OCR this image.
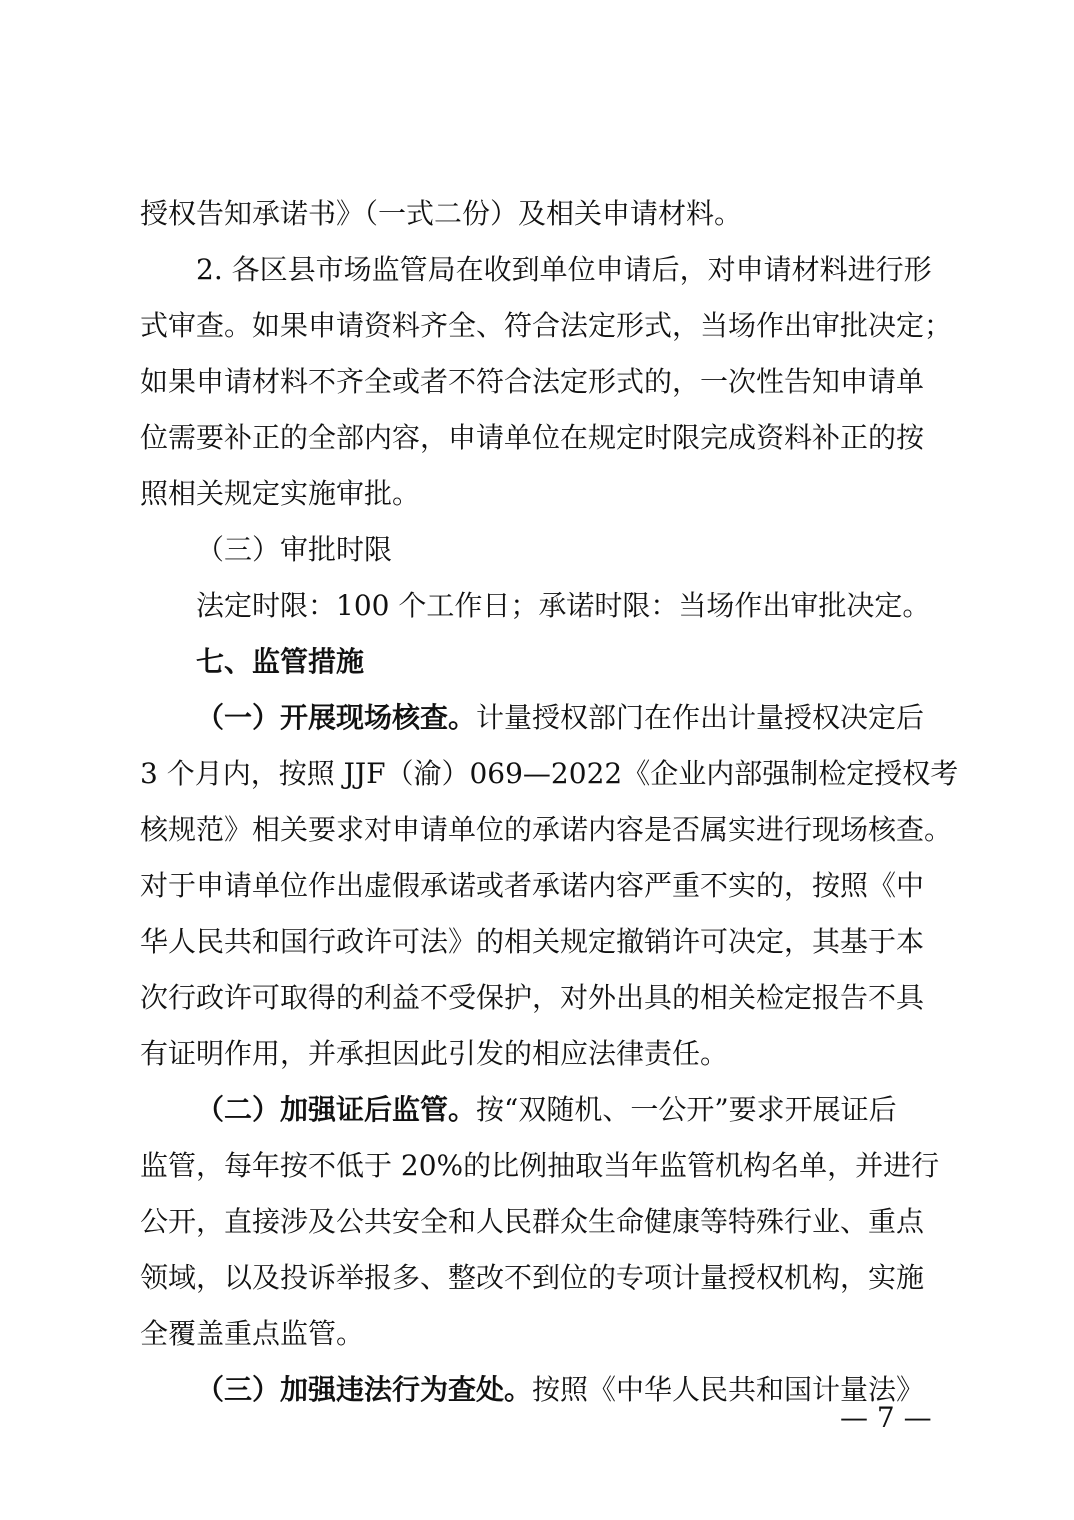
授权告知承诺书》（一式二份）及相关申请材料。
2. 各区县市场监管局在收到单位申请后，对申请材料进行形
式审查。如果申请资料齐全、符合法定形式，当场作出审批决定；
如果申请材料不齐全或者不符合法定形式的，一次性告知申请单
位需要补正的全部内容，申请单位在规定时限完成资料补正的按
照相关规定实施审批。
（三）审批时限
法定时限：100 个工作日；承诺时限：当场作出审批决定。
七、监管措施
（一）开展现场核查。计量授权部门在作出计量授权决定后
3 个月内，按照 JJF（渝）069—2022《企业内部强制检定授权考
核规范》相关要求对申请单位的承诺内容是否属实进行现场核查。
对于申请单位作出虚假承诺或者承诺内容严重不实的，按照《中
华人民共和国行政许可法》的相关规定撤销许可决定，其基于本
次行政许可取得的利益不受保护，对外出具的相关检定报告不具
有证明作用，并承担因此引发的相应法律责任。
（二）加强证后监管。按“双随机、一公开”要求开展证后
监管，每年按不低于 20%的比例抽取当年监管机构名单，并进行
公开，直接涉及公共安全和人民群众生命健康等特殊行业、重点
领域，以及投诉举报多、整改不到位的专项计量授权机构，实施
全覆盖重点监管。
（三）加强违法行为查处。按照《中华人民共和国计量法》
— 7 —
